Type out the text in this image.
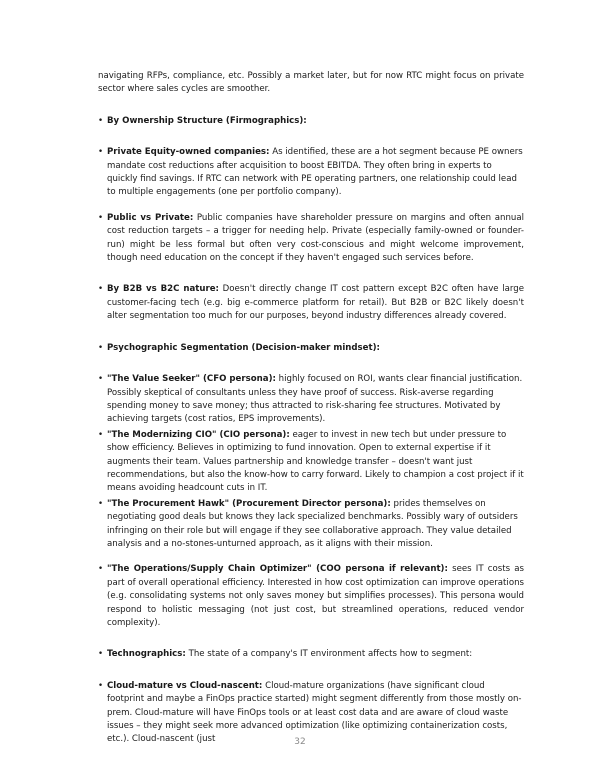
navigating RFPs, compliance, etc. Possibly a market later, but for now RTC might focus on private sector where sales cycles are smoother.

• By Ownership Structure (Firmographics):

• Private Equity-owned companies: As identified, these are a hot segment because PE owners mandate cost reductions after acquisition to boost EBITDA. They often bring in experts to quickly find savings. If RTC can network with PE operating partners, one relationship could lead to multiple engagements (one per portfolio company).

• Public vs Private: Public companies have shareholder pressure on margins and often annual cost reduction targets – a trigger for needing help. Private (especially family-owned or founder-run) might be less formal but often very cost-conscious and might welcome improvement, though need education on the concept if they haven't engaged such services before.

• By B2B vs B2C nature: Doesn't directly change IT cost pattern except B2C often have large customer-facing tech (e.g. big e-commerce platform for retail). But B2B or B2C likely doesn't alter segmentation too much for our purposes, beyond industry differences already covered.

• Psychographic Segmentation (Decision-maker mindset):

• "The Value Seeker" (CFO persona): highly focused on ROI, wants clear financial justification. Possibly skeptical of consultants unless they have proof of success. Risk-averse regarding spending money to save money; thus attracted to risk-sharing fee structures. Motivated by achieving targets (cost ratios, EPS improvements).

• "The Modernizing CIO" (CIO persona): eager to invest in new tech but under pressure to show efficiency. Believes in optimizing to fund innovation. Open to external expertise if it augments their team. Values partnership and knowledge transfer – doesn't want just recommendations, but also the know-how to carry forward. Likely to champion a cost project if it means avoiding headcount cuts in IT.

• "The Procurement Hawk" (Procurement Director persona): prides themselves on negotiating good deals but knows they lack specialized benchmarks. Possibly wary of outsiders infringing on their role but will engage if they see collaborative approach. They value detailed analysis and a no-stones-unturned approach, as it aligns with their mission.

• "The Operations/Supply Chain Optimizer" (COO persona if relevant): sees IT costs as part of overall operational efficiency. Interested in how cost optimization can improve operations (e.g. consolidating systems not only saves money but simplifies processes). This persona would respond to holistic messaging (not just cost, but streamlined operations, reduced vendor complexity).

• Technographics: The state of a company's IT environment affects how to segment:

• Cloud-mature vs Cloud-nascent: Cloud-mature organizations (have significant cloud footprint and maybe a FinOps practice started) might segment differently from those mostly on-prem. Cloud-mature will have FinOps tools or at least cost data and are aware of cloud waste issues – they might seek more advanced optimization (like optimizing containerization costs, etc.). Cloud-nascent (just	32
